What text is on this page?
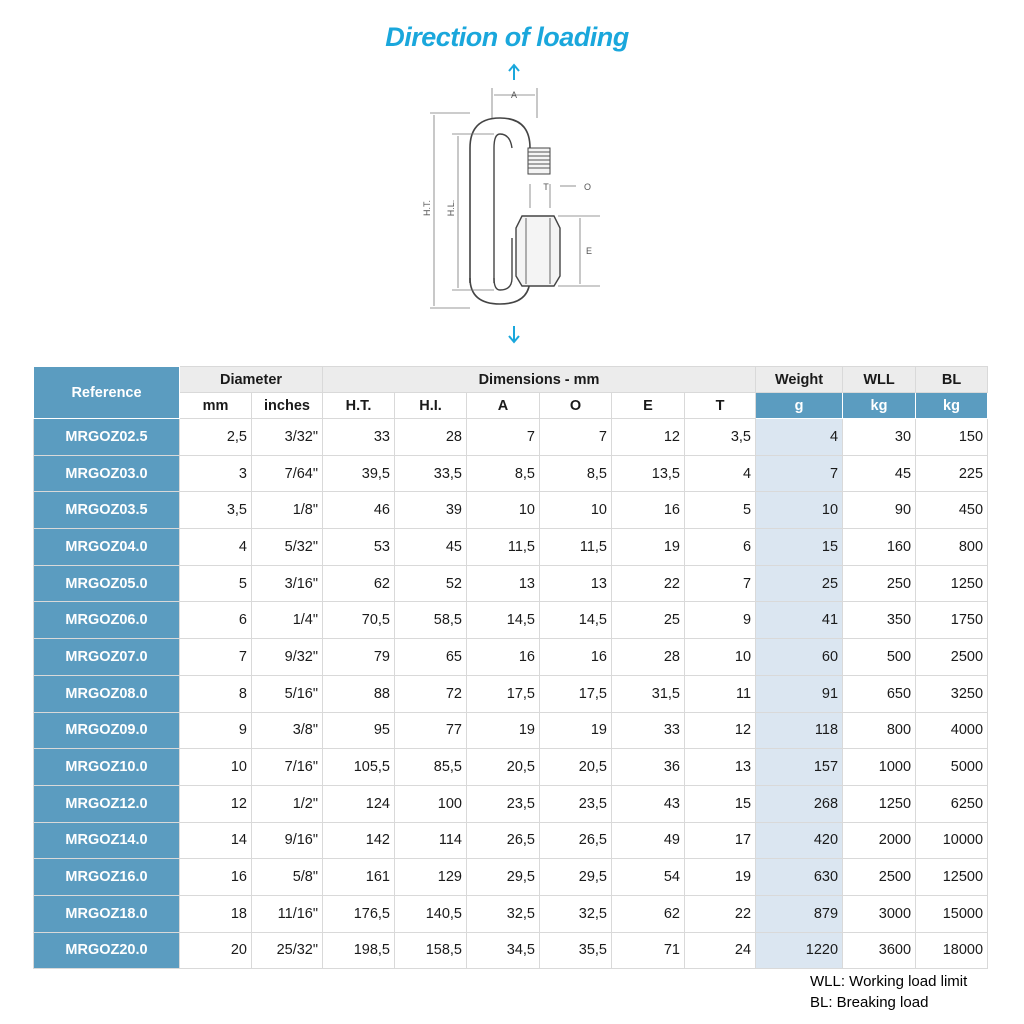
Direction of loading
A
T	O
E
H.T. H.L.
Reference	Diameter		Dimensions - mm						Weight	WLL	BL
	mm	inches	H.T.	H.I.	A	O	E	T	g	kg	kg
MRGOZ02.5	2,5	3/32"	33	28	7	7	12	3,5	4	30	150
MRGOZ03.0	3	7/64"	39,5	33,5	8,5	8,5	13,5	4	7	45	225
MRGOZ03.5	3,5	1/8"	46	39	10	10	16	5	10	90	450
MRGOZ04.0	4	5/32"	53	45	11,5	11,5	19	6	15	160	800
MRGOZ05.0	5	3/16"	62	52	13	13	22	7	25	250	1250
MRGOZ06.0	6	1/4"	70,5	58,5	14,5	14,5	25	9	41	350	1750
MRGOZ07.0	7	9/32"	79	65	16	16	28	10	60	500	2500
MRGOZ08.0	8	5/16"	88	72	17,5	17,5	31,5	11	91	650	3250
MRGOZ09.0	9	3/8"	95	77	19	19	33	12	118	800	4000
MRGOZ10.0	10	7/16"	105,5	85,5	20,5	20,5	36	13	157	1000	5000
MRGOZ12.0	12	1/2"	124	100	23,5	23,5	43	15	268	1250	6250
MRGOZ14.0	14	9/16"	142	114	26,5	26,5	49	17	420	2000	10000
MRGOZ16.0	16	5/8"	161	129	29,5	29,5	54	19	630	2500	12500
MRGOZ18.0	18	11/16"	176,5	140,5	32,5	32,5	62	22	879	3000	15000
MRGOZ20.0	20	25/32"	198,5	158,5	34,5	35,5	71	24	1220	3600	18000
WLL: Working load limit
BL: Breaking load
